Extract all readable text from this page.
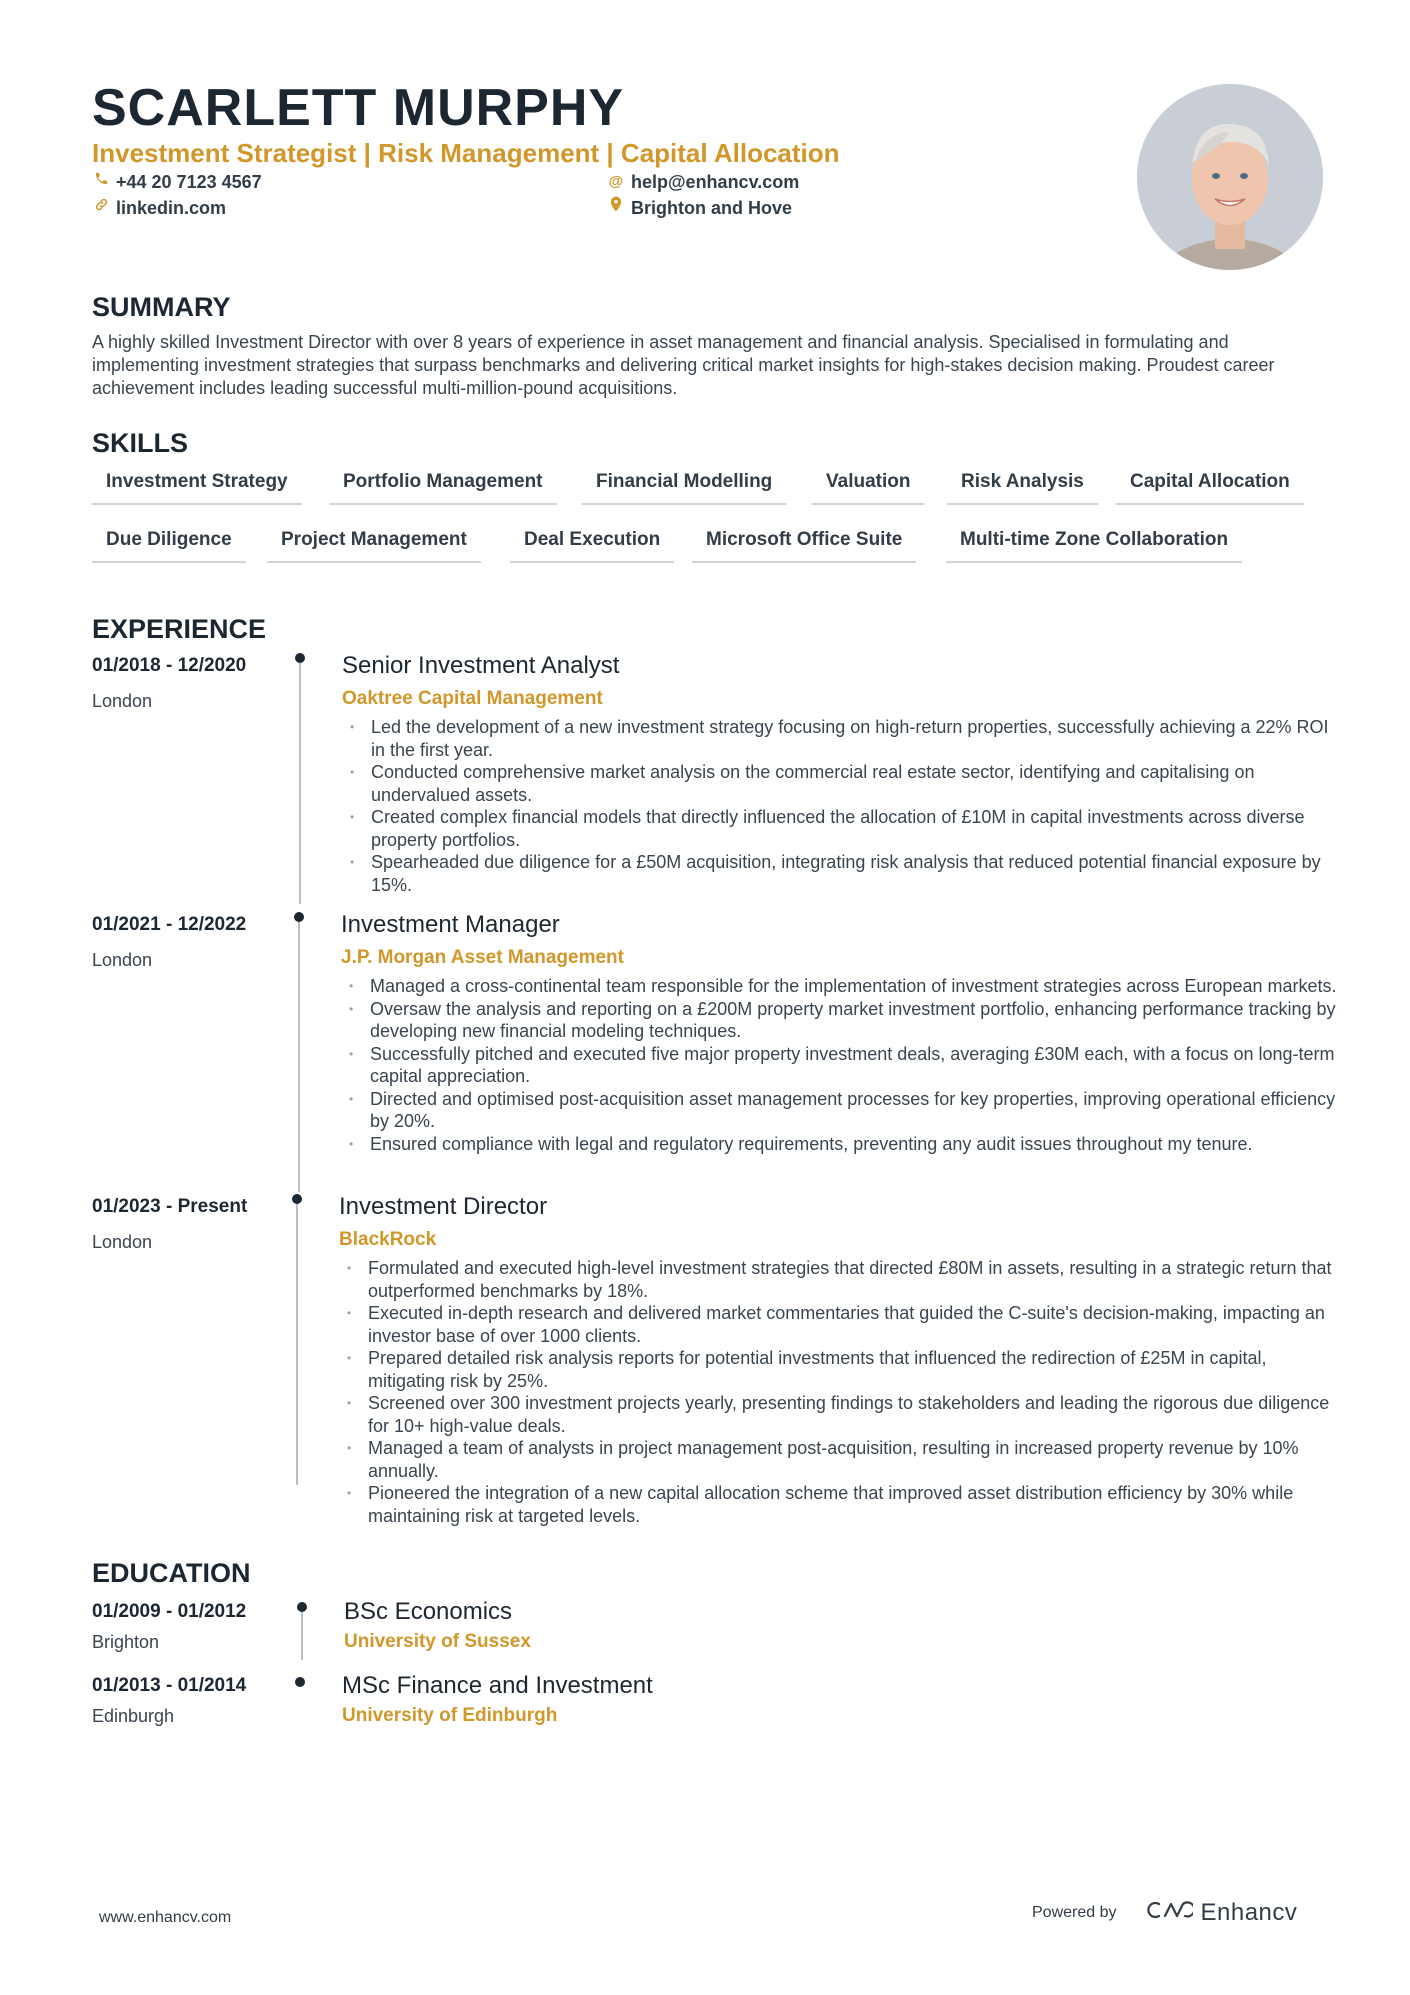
SCARLETT MURPHY
Investment Strategist | Risk Management | Capital Allocation
+44 20 7123 4567
linkedin.com
@ help@enhancv.com
Brighton and Hove
SUMMARY
A highly skilled Investment Director with over 8 years of experience in asset management and financial analysis. Specialised in formulating and implementing investment strategies that surpass benchmarks and delivering critical market insights for high-stakes decision making. Proudest career achievement includes leading successful multi-million-pound acquisitions.
SKILLS
Investment Strategy	Portfolio Management	Financial Modelling	Valuation	Risk Analysis	Capital Allocation
Due Diligence	Project Management	Deal Execution	Microsoft Office Suite	Multi-time Zone Collaboration
EXPERIENCE
01/2018 - 12/2020
London
Senior Investment Analyst
Oaktree Capital Management
• Led the development of a new investment strategy focusing on high-return properties, successfully achieving a 22% ROI in the first year.
• Conducted comprehensive market analysis on the commercial real estate sector, identifying and capitalising on undervalued assets.
• Created complex financial models that directly influenced the allocation of £10M in capital investments across diverse property portfolios.
• Spearheaded due diligence for a £50M acquisition, integrating risk analysis that reduced potential financial exposure by 15%.
01/2021 - 12/2022
London
Investment Manager
J.P. Morgan Asset Management
• Managed a cross-continental team responsible for the implementation of investment strategies across European markets.
• Oversaw the analysis and reporting on a £200M property market investment portfolio, enhancing performance tracking by developing new financial modeling techniques.
• Successfully pitched and executed five major property investment deals, averaging £30M each, with a focus on long-term capital appreciation.
• Directed and optimised post-acquisition asset management processes for key properties, improving operational efficiency by 20%.
• Ensured compliance with legal and regulatory requirements, preventing any audit issues throughout my tenure.
01/2023 - Present
London
Investment Director
BlackRock
• Formulated and executed high-level investment strategies that directed £80M in assets, resulting in a strategic return that outperformed benchmarks by 18%.
• Executed in-depth research and delivered market commentaries that guided the C-suite's decision-making, impacting an investor base of over 1000 clients.
• Prepared detailed risk analysis reports for potential investments that influenced the redirection of £25M in capital, mitigating risk by 25%.
• Screened over 300 investment projects yearly, presenting findings to stakeholders and leading the rigorous due diligence for 10+ high-value deals.
• Managed a team of analysts in project management post-acquisition, resulting in increased property revenue by 10% annually.
• Pioneered the integration of a new capital allocation scheme that improved asset distribution efficiency by 30% while maintaining risk at targeted levels.
EDUCATION
01/2009 - 01/2012
Brighton
BSc Economics
University of Sussex
01/2013 - 01/2014
Edinburgh
MSc Finance and Investment
University of Edinburgh
www.enhancv.com	Powered by	Enhancv
